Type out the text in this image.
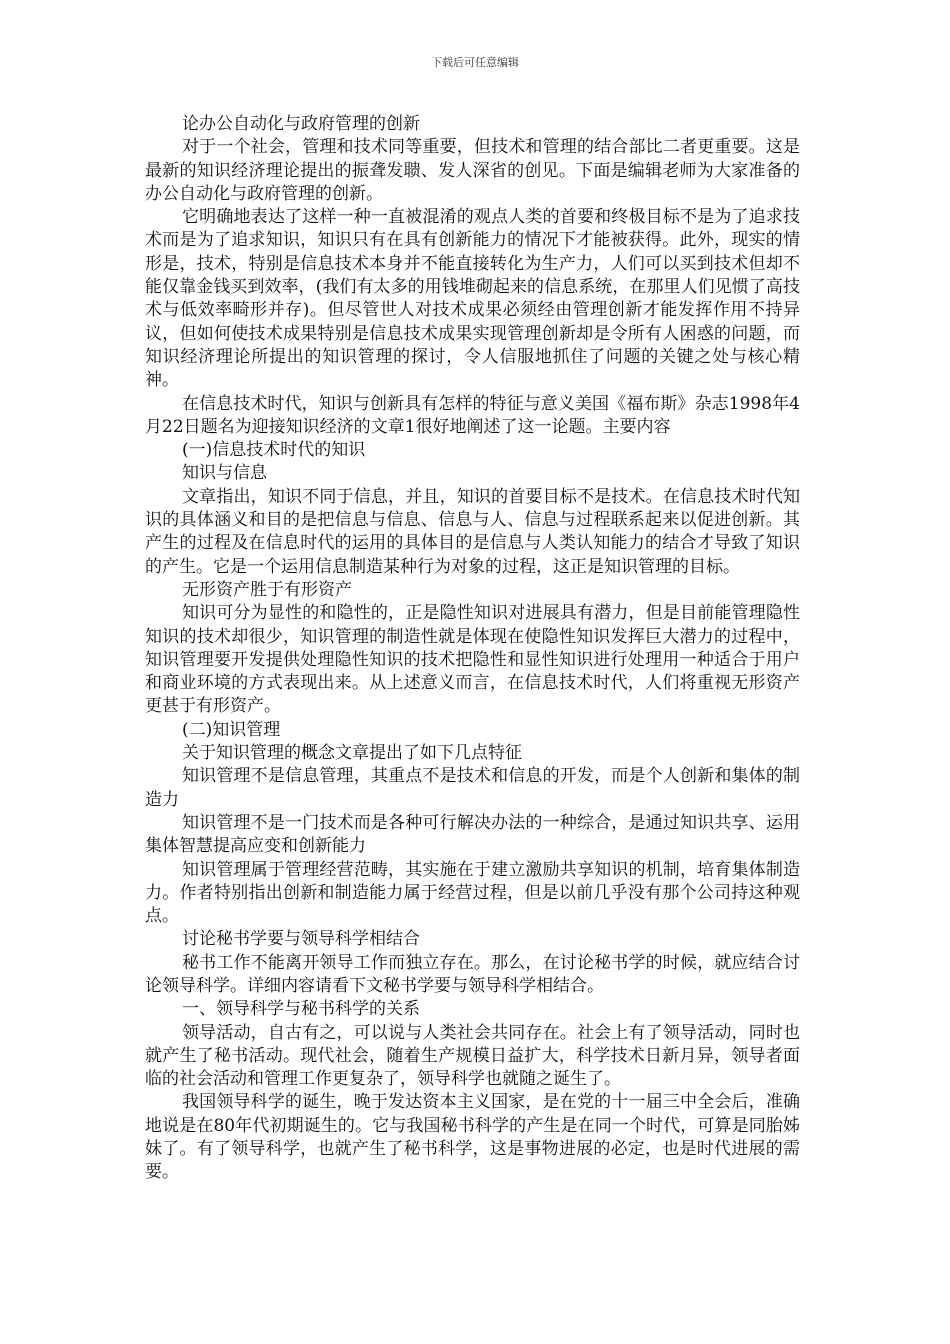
下载后可任意编辑

论办公自动化与政府管理的创新

对于一个社会，管理和技术同等重要，但技术和管理的结合部比二者更重要。这是最新的知识经济理论提出的振聋发聩、发人深省的创见。下面是编辑老师为大家准备的办公自动化与政府管理的创新。

它明确地表达了这样一种一直被混淆的观点人类的首要和终极目标不是为了追求技术而是为了追求知识，知识只有在具有创新能力的情况下才能被获得。此外，现实的情形是，技术，特别是信息技术本身并不能直接转化为生产力，人们可以买到技术但却不能仅靠金钱买到效率，(我们有太多的用钱堆砌起来的信息系统，在那里人们见惯了高技术与低效率畸形并存)。但尽管世人对技术成果必须经由管理创新才能发挥作用不持异议，但如何使技术成果特别是信息技术成果实现管理创新却是令所有人困惑的问题，而知识经济理论所提出的知识管理的探讨，令人信服地抓住了问题的关键之处与核心精神。

在信息技术时代，知识与创新具有怎样的特征与意义美国《福布斯》杂志1998年4月22日题名为迎接知识经济的文章1很好地阐述了这一论题。主要内容

(一)信息技术时代的知识

知识与信息

文章指出，知识不同于信息，并且，知识的首要目标不是技术。在信息技术时代知识的具体涵义和目的是把信息与信息、信息与人、信息与过程联系起来以促进创新。其产生的过程及在信息时代的运用的具体目的是信息与人类认知能力的结合才导致了知识的产生。它是一个运用信息制造某种行为对象的过程，这正是知识管理的目标。

无形资产胜于有形资产

知识可分为显性的和隐性的，正是隐性知识对进展具有潜力，但是目前能管理隐性知识的技术却很少，知识管理的制造性就是体现在使隐性知识发挥巨大潜力的过程中，知识管理要开发提供处理隐性知识的技术把隐性和显性知识进行处理用一种适合于用户和商业环境的方式表现出来。从上述意义而言，在信息技术时代，人们将重视无形资产更甚于有形资产。

(二)知识管理

关于知识管理的概念文章提出了如下几点特征

知识管理不是信息管理，其重点不是技术和信息的开发，而是个人创新和集体的制造力

知识管理不是一门技术而是各种可行解决办法的一种综合，是通过知识共享、运用集体智慧提高应变和创新能力

知识管理属于管理经营范畴，其实施在于建立激励共享知识的机制，培育集体制造力。作者特别指出创新和制造能力属于经营过程，但是以前几乎没有那个公司持这种观点。

讨论秘书学要与领导科学相结合

秘书工作不能离开领导工作而独立存在。那么，在讨论秘书学的时候，就应结合讨论领导科学。详细内容请看下文秘书学要与领导科学相结合。

一、领导科学与秘书科学的关系

领导活动，自古有之，可以说与人类社会共同存在。社会上有了领导活动，同时也就产生了秘书活动。现代社会，随着生产规模日益扩大，科学技术日新月异，领导者面临的社会活动和管理工作更复杂了，领导科学也就随之诞生了。

我国领导科学的诞生，晚于发达资本主义国家，是在党的十一届三中全会后，准确地说是在80年代初期诞生的。它与我国秘书科学的产生是在同一个时代，可算是同胎姊妹了。有了领导科学，也就产生了秘书科学，这是事物进展的必定，也是时代进展的需要。
